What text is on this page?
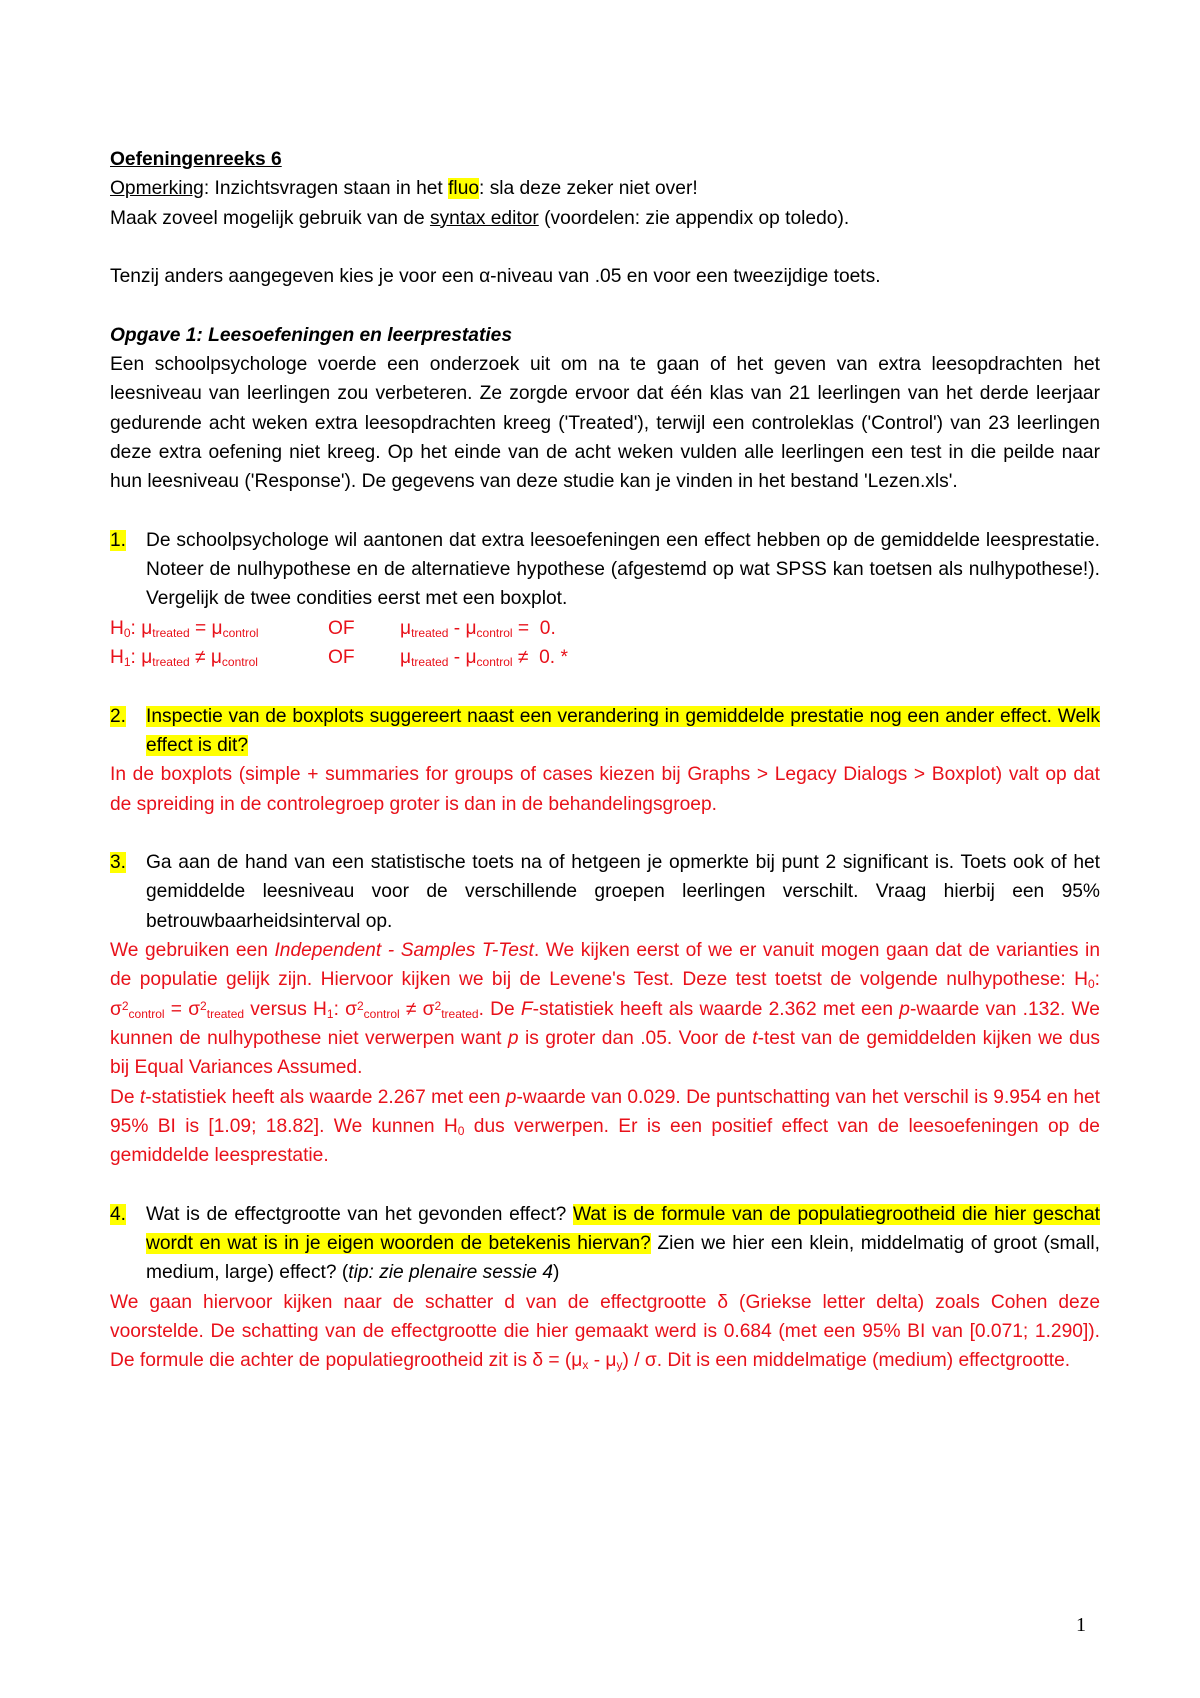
Oefeningenreeks 6
Opmerking: Inzichtsvragen staan in het fluo: sla deze zeker niet over!
Maak zoveel mogelijk gebruik van de syntax editor (voordelen: zie appendix op toledo).
Tenzij anders aangegeven kies je voor een α-niveau van .05 en voor een tweezijdige toets.
Opgave 1: Leesoefeningen en leerprestaties
Een schoolpsychologe voerde een onderzoek uit om na te gaan of het geven van extra leesopdrachten het leesniveau van leerlingen zou verbeteren. Ze zorgde ervoor dat één klas van 21 leerlingen van het derde leerjaar gedurende acht weken extra leesopdrachten kreeg ('Treated'), terwijl een controleklas ('Control') van 23 leerlingen deze extra oefening niet kreeg. Op het einde van de acht weken vulden alle leerlingen een test in die peilde naar hun leesniveau ('Response'). De gegevens van deze studie kan je vinden in het bestand 'Lezen.xls'.
1.	De schoolpsychologe wil aantonen dat extra leesoefeningen een effect hebben op de gemiddelde leesprestatie. Noteer de nulhypothese en de alternatieve hypothese (afgestemd op wat SPSS kan toetsen als nulhypothese!). Vergelijk de twee condities eerst met een boxplot.
$H_0$: $\mu_{treated} = \mu_{control}$	OF $\mu_{treated} - \mu_{control} = 0$.
$H_1$: $\mu_{treated} \ne \mu_{control}$	OF $\mu_{treated} - \mu_{control} \ne 0$. *
2.	Inspectie van de boxplots suggereert naast een verandering in gemiddelde prestatie nog een ander effect. Welk effect is dit?
In de boxplots (simple + summaries for groups of cases kiezen bij Graphs > Legacy Dialogs > Boxplot) valt op dat de spreiding in de controlegroep groter is dan in de behandelingsgroep.
3.	Ga aan de hand van een statistische toets na of hetgeen je opmerkte bij punt 2 significant is. Toets ook of het gemiddelde leesniveau voor de verschillende groepen leerlingen verschilt. Vraag hierbij een 95% betrouwbaarheidsinterval op.
We gebruiken een Independent - Samples T-Test. We kijken eerst of we er vanuit mogen gaan dat de varianties in de populatie gelijk zijn. Hiervoor kijken we bij de Levene's Test. Deze test toetst de volgende nulhypothese: $H_0$: $\sigma^2_{control} = \sigma^2_{treated}$ versus $H_1$: $\sigma^2_{control} \ne \sigma^2_{treated}$. De F-statistiek heeft als waarde 2.362 met een p-waarde van .132. We kunnen de nulhypothese niet verwerpen want p is groter dan .05. Voor de t-test van de gemiddelden kijken we dus bij Equal Variances Assumed.
De t-statistiek heeft als waarde 2.267 met een p-waarde van 0.029. De puntschatting van het verschil is 9.954 en het 95% BI is [1.09; 18.82]. We kunnen $H_0$ dus verwerpen. Er is een positief effect van de leesoefeningen op de gemiddelde leesprestatie.
4.	Wat is de effectgrootte van het gevonden effect? Wat is de formule van de populatiegrootheid die hier geschat wordt en wat is in je eigen woorden de betekenis hiervan? Zien we hier een klein, middelmatig of groot (small, medium, large) effect? (tip: zie plenaire sessie 4)
We gaan hiervoor kijken naar de schatter d van de effectgrootte δ (Griekse letter delta) zoals Cohen deze voorstelde. De schatting van de effectgrootte die hier gemaakt werd is 0.684 (met een 95% BI van [0.071; 1.290]). De formule die achter de populatiegrootheid zit is $\delta = (\mu_x - \mu_y) / \sigma$. Dit is een middelmatige (medium) effectgrootte.
1
